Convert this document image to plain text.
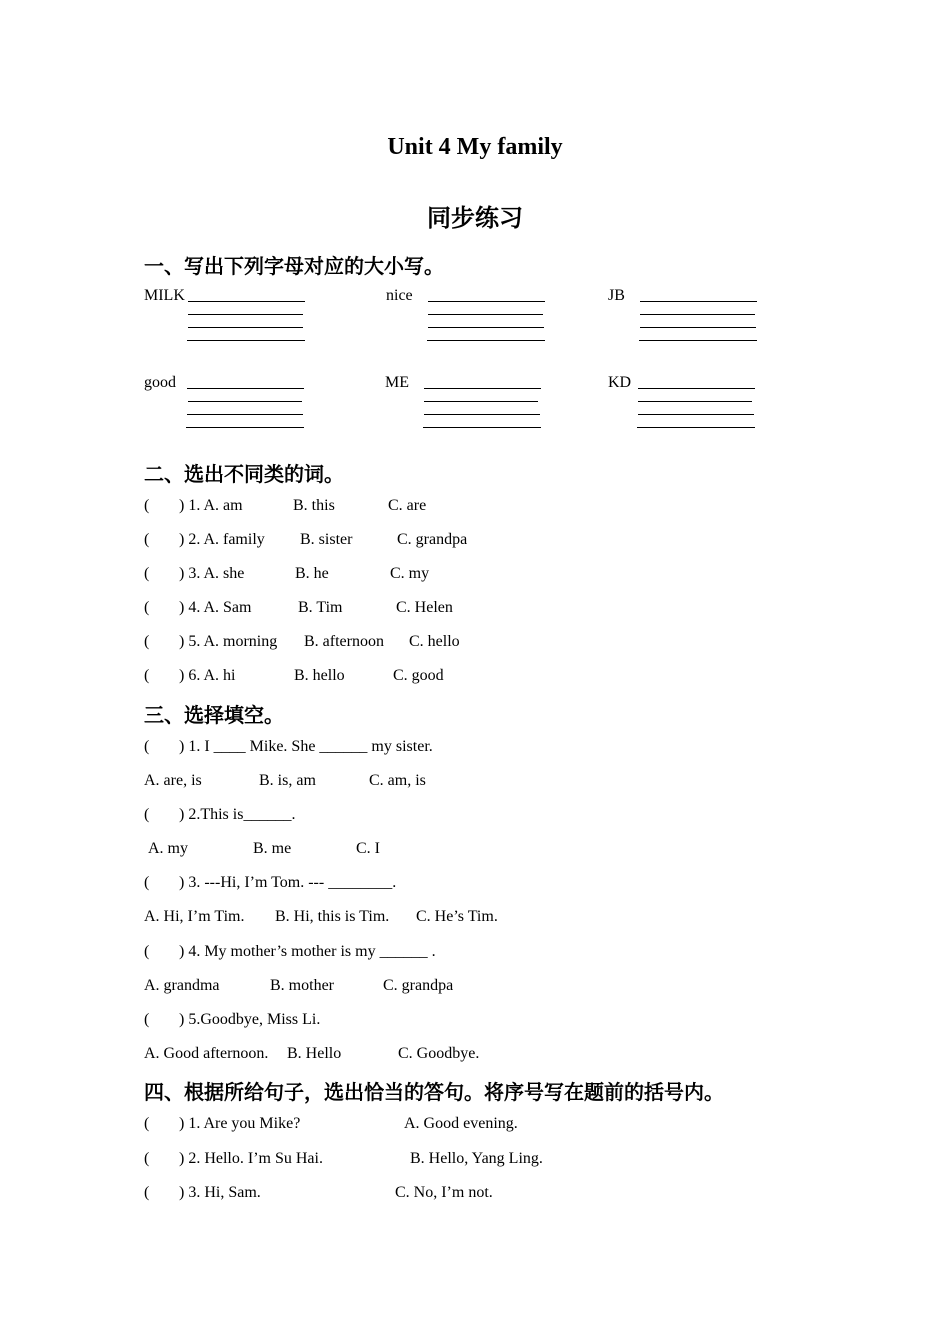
Unit 4 My family
同步练习
一、写出下列字母对应的大小写。
MILK	nice	JB
good	ME	KD
二、选出不同类的词。
( ) 1. A. am	B. this	C. are
( ) 2. A. family B. sister	C. grandpa
( ) 3. A. she	B. he	C. my
( ) 4. A. Sam	B. Tim	C. Helen
( ) 5. A. morning B. afternoon C. hello
( ) 6. A. hi	B. hello	C. good
三、选择填空。
( ) 1. I ____ Mike. She ______ my sister.
A. are, is	B. is, am	C. am, is
( ) 2.This is______.
A. my	B. me	C. I
( ) 3. ---Hi, I’m Tom. --- ________.
A. Hi, I’m Tim. B. Hi, this is Tim. C. He’s Tim.
( ) 4. My mother’s mother is my ______ .
A. grandma	B. mother	C. grandpa
( ) 5.Goodbye, Miss Li.
A. Good afternoon. B. Hello	C. Goodbye.
四、根据所给句子，选出恰当的答句。将序号写在题前的括号内。
( ) 1. Are you Mike?	A. Good evening.
( ) 2. Hello. I’m Su Hai.	B. Hello, Yang Ling.
( ) 3. Hi, Sam.	C. No, I’m not.
